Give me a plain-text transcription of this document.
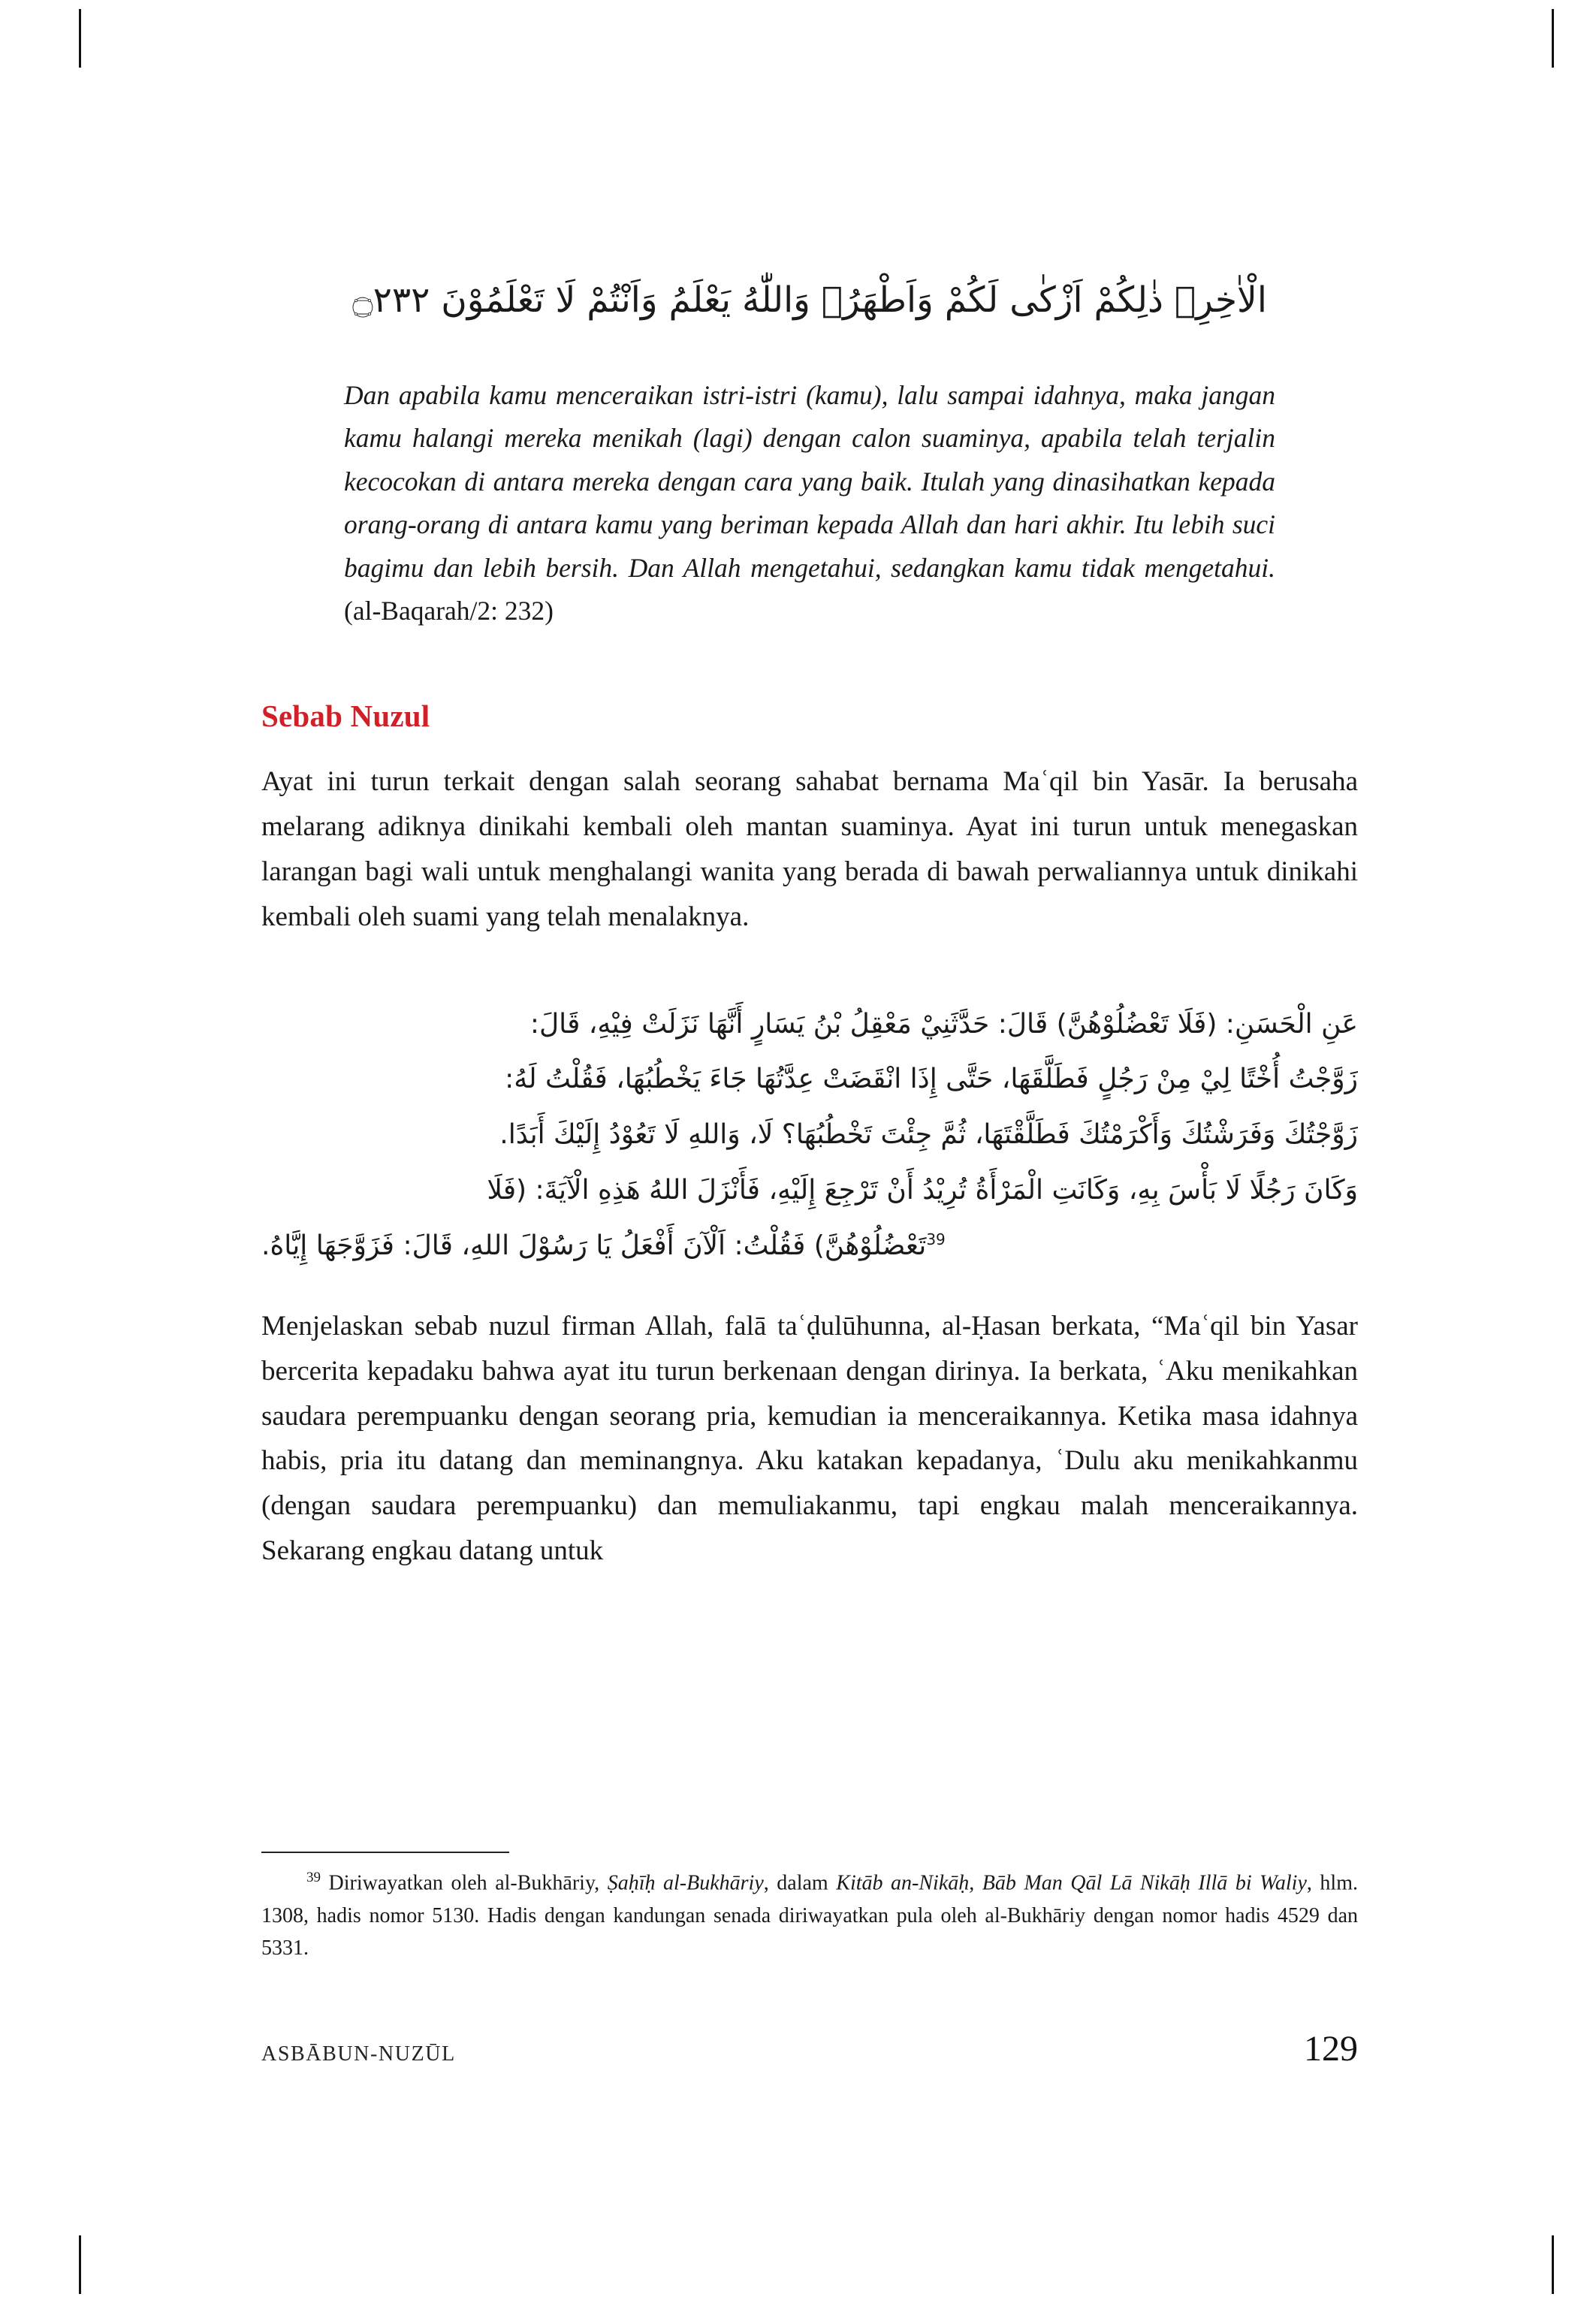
الْاٰخِرِۗ ذٰلِكُمْ اَزْكٰى لَكُمْ وَاَطْهَرُۗ وَاللّٰهُ يَعْلَمُ وَاَنْتُمْ لَا تَعْلَمُوْنَ ۝٢٣٢
Dan apabila kamu menceraikan istri-istri (kamu), lalu sampai idahnya, maka jangan kamu halangi mereka menikah (lagi) dengan calon suaminya, apabila telah terjalin kecocokan di antara mereka dengan cara yang baik. Itulah yang dinasihatkan kepada orang-orang di antara kamu yang beriman kepada Allah dan hari akhir. Itu lebih suci bagimu dan lebih bersih. Dan Allah mengetahui, sedangkan kamu tidak mengetahui. (al-Baqarah/2: 232)
Sebab Nuzul

Ayat ini turun terkait dengan salah seorang sahabat bernama Maʿqil bin Yasār. Ia berusaha melarang adiknya dinikahi kembali oleh mantan suaminya. Ayat ini turun untuk menegaskan larangan bagi wali untuk menghalangi wanita yang berada di bawah perwaliannya untuk dinikahi kembali oleh suami yang telah menalaknya.

عَنِ الْحَسَنِ: (فَلَا تَعْضُلُوْهُنَّ) قَالَ: حَدَّثَنِيْ مَعْقِلُ بْنُ يَسَارٍ أَنَّهَا نَزَلَتْ فِيْهِ، قَالَ:
زَوَّجْتُ أُخْتًا لِيْ مِنْ رَجُلٍ فَطَلَّقَهَا، حَتَّى إِذَا انْقَضَتْ عِدَّتُهَا جَاءَ يَخْطُبُهَا، فَقُلْتُ لَهُ:
زَوَّجْتُكَ وَفَرَشْتُكَ وَأَكْرَمْتُكَ فَطَلَّقْتَهَا، ثُمَّ جِئْتَ تَخْطُبُهَا؟ لَا، وَاللهِ لَا تَعُوْدُ إِلَيْكَ أَبَدًا.
وَكَانَ رَجُلًا لَا بَأْسَ بِهِ، وَكَانَتِ الْمَرْأَةُ تُرِيْدُ أَنْ تَرْجِعَ إِلَيْهِ، فَأَنْزَلَ اللهُ هَذِهِ الْآيَةَ: (فَلَا
$^{39}$تَعْضُلُوْهُنَّ) فَقُلْتُ: اَلْآنَ أَفْعَلُ يَا رَسُوْلَ اللهِ، قَالَ: فَزَوَّجَهَا إِيَّاهُ.

Menjelaskan sebab nuzul firman Allah, falā taʿḍulūhunna, al-Ḥasan berkata, “Maʿqil bin Yasar bercerita kepadaku bahwa ayat itu turun berkenaan dengan dirinya. Ia berkata, ʿAku menikahkan saudara perempuanku dengan seorang pria, kemudian ia menceraikannya. Ketika masa idahnya habis, pria itu datang dan meminangnya. Aku katakan kepadanya, ʿDulu aku menikahkanmu (dengan saudara perempuanku) dan memuliakanmu, tapi engkau malah menceraikannya. Sekarang engkau datang untuk

$^{39}$ Diriwayatkan oleh al-Bukhāriy, Ṣaḥīḥ al-Bukhāriy, dalam Kitāb an-Nikāḥ, Bāb Man Qāl Lā Nikāḥ Illā bi Waliy, hlm. 1308, hadis nomor 5130. Hadis dengan kandungan senada diriwayatkan pula oleh al-Bukhāriy dengan nomor hadis 4529 dan 5331.
ASBĀBUN-NUZŪL	129
